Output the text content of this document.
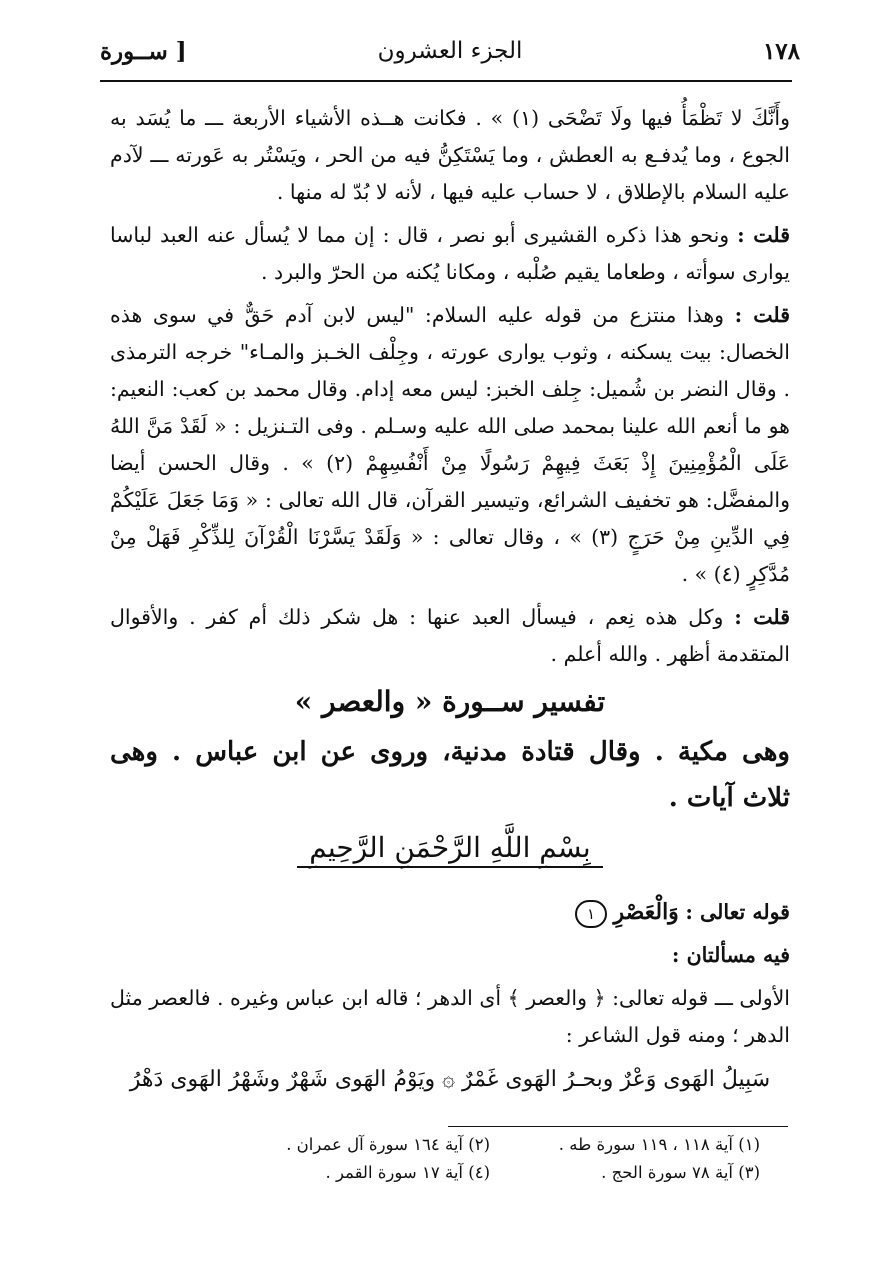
١٧٨
الجزء العشرون
[ ســورة

وأَنَّكَ لا تَظْمَأُ فيها ولَا تَضْحَى (١) » . فكانت هــذه الأشياء الأربعة ـــ ما يُسَد به الجوع ، وما يُدفـع به العطش ، وما يَسْتَكِنُّ فيه من الحر ، ويَسْتُر به عَورته ـــ لآدم عليه السلام بالإطلاق ، لا حساب عليه فيها ، لأنه لا بُدّ له منها .

قلت : ونحو هذا ذكره القشيرى أبو نصر ، قال : إن مما لا يُسأل عنه العبد لباسا يوارى سوأته ، وطعاما يقيم صُلْبه ، ومكانا يُكنه من الحرّ والبرد .

قلت : وهذا منتزع من قوله عليه السلام: "ليس لابن آدم حَقٌّ في سوى هذه الخصال: بيت يسكنه ، وثوب يوارى عورته ، وجِلْف الخـبز والمـاء" خرجه الترمذى . وقال النضر بن شُميل: جِلف الخبز: ليس معه إدام. وقال محمد بن كعب: النعيم: هو ما أنعم الله علينا بمحمد صلى الله عليه وسـلم . وفى التـنزيل : « لَقَدْ مَنَّ اللهُ عَلَى الْمُؤْمِنِينَ إِذْ بَعَثَ فِيهِمْ رَسُولًا مِنْ أَنْفُسِهِمْ (٢) » . وقال الحسن أيضا والمفضَّل: هو تخفيف الشرائع، وتيسير القرآن، قال الله تعالى : « وَمَا جَعَلَ عَلَيْكُمْ فِي الدِّينِ مِنْ حَرَجٍ (٣) » ، وقال تعالى : « وَلَقَدْ يَسَّرْنَا الْقُرْآنَ لِلذِّكْرِ فَهَلْ مِنْ مُدَّكِرٍ (٤) » .

قلت : وكل هذه نِعم ، فيسأل العبد عنها : هل شكر ذلك أم كفر . والأقوال المتقدمة أظهر . والله أعلم .

تفسير ســورة « والعصر »
وهى مكية . وقال قتادة مدنية، وروى عن ابن عباس . وهى ثلاث آيات .
بِسْمِ اللَّهِ الرَّحْمَنِ الرَّحِيمِ

قوله تعالى : وَالْعَصْرِ ١

فيه مسألتان :

الأولى ـــ قوله تعالى: ﴿ والعصر ﴾ أى الدهر ؛ قاله ابن عباس وغيره . فالعصر مثل الدهر ؛ ومنه قول الشاعر :

سَبِيلُ الهَوى وَعْرٌ وبحـرُ الهَوى غَمْرٌ ۞ ويَوْمُ الهَوى شَهْرٌ وشَهْرُ الهَوى دَهْرُ
(١) آية ١١٨ ، ١١٩ سورة طه .
(٢) آية ١٦٤ سورة آل عمران .
(٣) آية ٧٨ سورة الحج .
(٤) آية ١٧ سورة القمر .
